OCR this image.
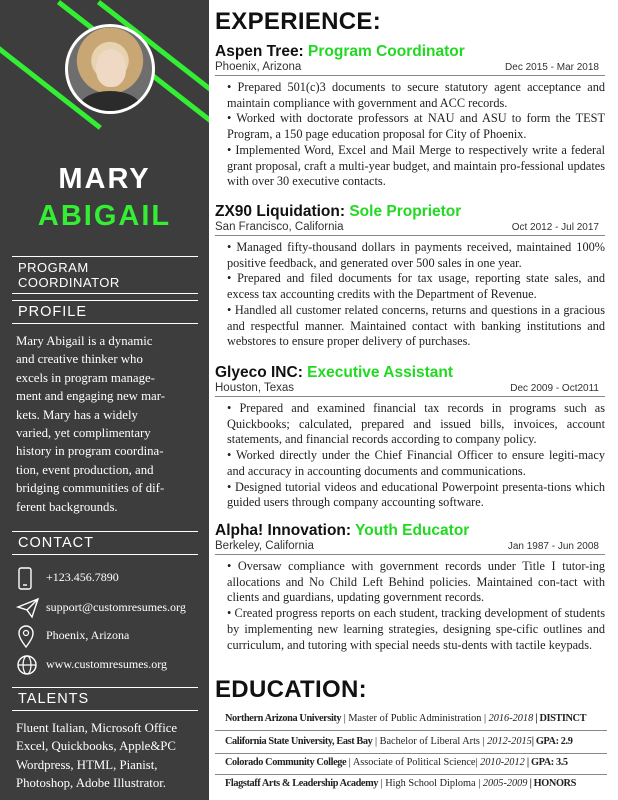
MARY
ABIGAIL
PROGRAM COORDINATOR
PROFILE
Mary Abigail is a dynamic
and creative thinker who
excels in program manage-
ment and engaging new mar-
kets. Mary has a widely
varied, yet complimentary
history in program coordina-
tion, event production, and
bridging communities of dif-
ferent backgrounds.
CONTACT
+123.456.7890
support@customresumes.org
Phoenix, Arizona
www.customresumes.org
TALENTS
Fluent Italian, Microsoft Office
Excel, Quickbooks, Apple&PC
Wordpress, HTML, Pianist,
Photoshop, Adobe Illustrator.
EXPERIENCE:
Aspen Tree: Program Coordinator
Phoenix, Arizona	Dec 2015 - Mar 2018
• Prepared 501(c)3 documents to secure statutory agent acceptance and maintain compliance with government and ACC records.
• Worked with doctorate professors at NAU and ASU to form the TEST Program, a 150 page education proposal for City of Phoenix.
• Implemented Word, Excel and Mail Merge to respectively write a federal grant proposal, craft a multi-year budget, and maintain pro-fessional updates with over 30 executive contacts.
ZX90 Liquidation: Sole Proprietor
San Francisco, California	Oct 2012 - Jul 2017
• Managed fifty-thousand dollars in payments received, maintained 100% positive feedback, and generated over 500 sales in one year.
• Prepared and filed documents for tax usage, reporting state sales, and excess tax accounting credits with the Department of Revenue.
• Handled all customer related concerns, returns and questions in a gracious and respectful manner. Maintained contact with banking institutions and webstores to ensure proper delivery of purchases.
Glyeco INC: Executive Assistant
Houston, Texas	Dec 2009 - Oct2011
• Prepared and examined financial tax records in programs such as Quickbooks; calculated, prepared and issued bills, invoices, account statements, and financial records according to company policy.
• Worked directly under the Chief Financial Officer to ensure legiti-macy and accuracy in accounting documents and communications.
• Designed tutorial videos and educational Powerpoint presenta-tions which guided users through company accounting software.
Alpha! Innovation: Youth Educator
Berkeley, California	Jan 1987 - Jun 2008
• Oversaw compliance with government records under Title I tutor-ing allocations and No Child Left Behind policies. Maintained con-tact with clients and guardians, updating government records.
• Created progress reports on each student, tracking development of students by implementing new learning strategies, designing spe-cific outlines and curriculum, and tutoring with special needs stu-dents with tactile keypads.
EDUCATION:
Northern Arizona University | Master of Public Administration | 2016-2018 | DISTINCT
California State University, East Bay | Bachelor of Liberal Arts | 2012-2015| GPA: 2.9
Colorado Community College | Associate of Political Science| 2010-2012 | GPA: 3.5
Flagstaff Arts & Leadership Academy | High School Diploma | 2005-2009 | HONORS
